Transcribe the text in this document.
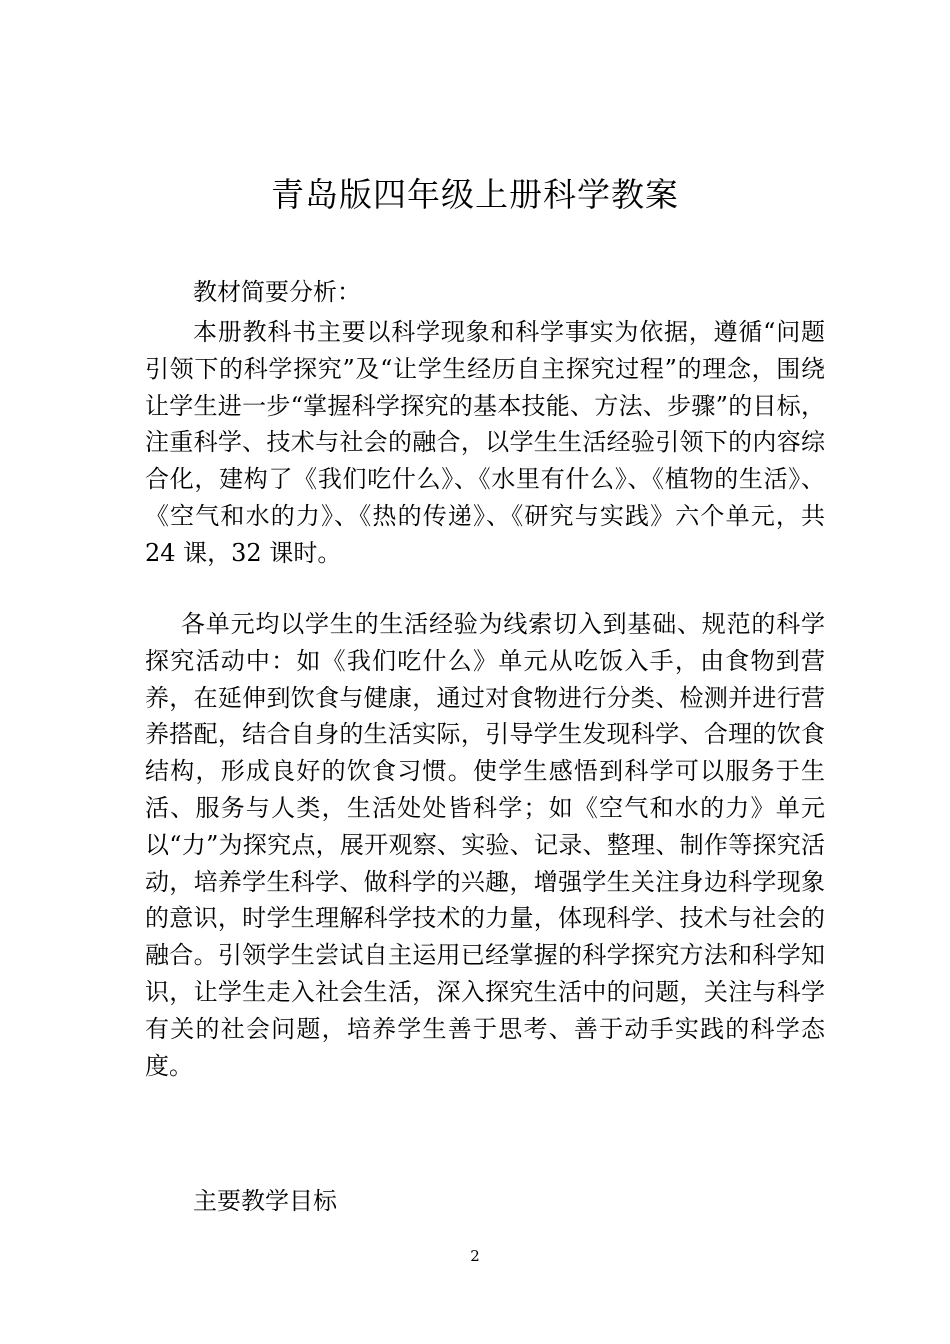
青岛版四年级上册科学教案
教材简要分析：

本册教科书主要以科学现象和科学事实为依据，遵循“问题引领下的科学探究”及“让学生经历自主探究过程”的理念，围绕让学生进一步“掌握科学探究的基本技能、方法、步骤”的目标，注重科学、技术与社会的融合，以学生生活经验引领下的内容综合化，建构了《我们吃什么》、《水里有什么》、《植物的生活》、《空气和水的力》、《热的传递》、《研究与实践》六个单元，共 24 课，32 课时。

各单元均以学生的生活经验为线索切入到基础、规范的科学探究活动中：如《我们吃什么》单元从吃饭入手，由食物到营养，在延伸到饮食与健康，通过对食物进行分类、检测并进行营养搭配，结合自身的生活实际，引导学生发现科学、合理的饮食结构，形成良好的饮食习惯。使学生感悟到科学可以服务于生活、服务与人类，生活处处皆科学；如《空气和水的力》单元以“力”为探究点，展开观察、实验、记录、整理、制作等探究活动，培养学生科学、做科学的兴趣，增强学生关注身边科学现象的意识，时学生理解科学技术的力量，体现科学、技术与社会的融合。引领学生尝试自主运用已经掌握的科学探究方法和科学知识，让学生走入社会生活，深入探究生活中的问题，关注与科学有关的社会问题，培养学生善于思考、善于动手实践的科学态度。

主要教学目标
2
